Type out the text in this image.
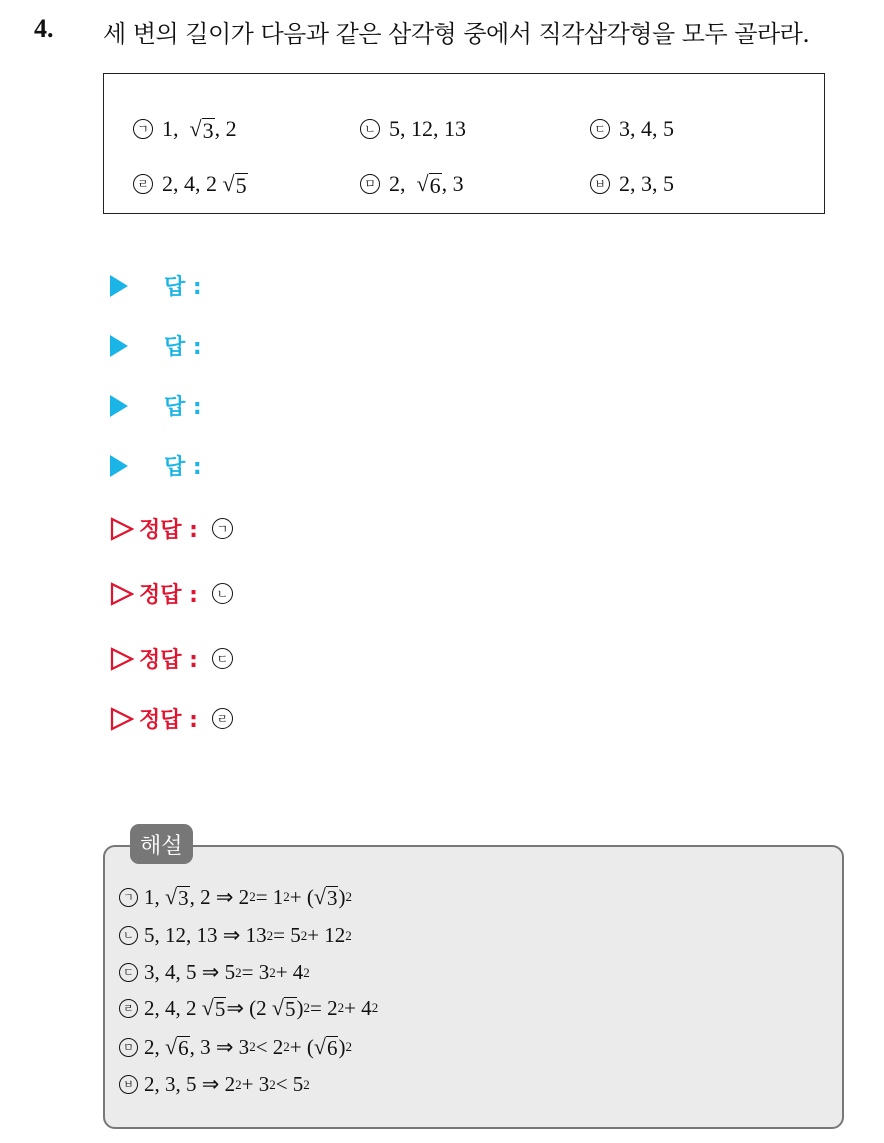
4. 세 변의 길이가 다음과 같은 삼각형 중에서 직각삼각형을 모두 골라라.
ㄱ 1,
√ 3 , 2	ㄴ 5, 12, 13	ㄷ 3, 4, 5
ㄹ 2, 4, 2
√ 5	ㅁ 2,
√ 6 , 3	ㅂ 2, 3, 5
답 :
답 :
답 :
답 :
정답 :	ㄱ
정답 :	ㄴ
정답 :	ㄷ
정답 :	ㄹ
해설
ㄱ 1,
√ 3 , 2 ⇒ 2 2 = 1 2 + ( √ 3 ) 2
ㄴ 5, 12, 13 ⇒ 13 2 = 5 2 + 12 2
ㄷ 3, 4, 5 ⇒ 5 2 = 3 2 + 4 2
ㄹ 2, 4, 2
√ 5 ⇒ (2
√ 5 ) 2 = 2 2 + 4 2
ㅁ 2,
√ 6 , 3 ⇒ 3 2 < 2 2 + ( √ 6 ) 2
ㅂ 2, 3, 5 ⇒ 2 2 + 3 2 < 5 2
